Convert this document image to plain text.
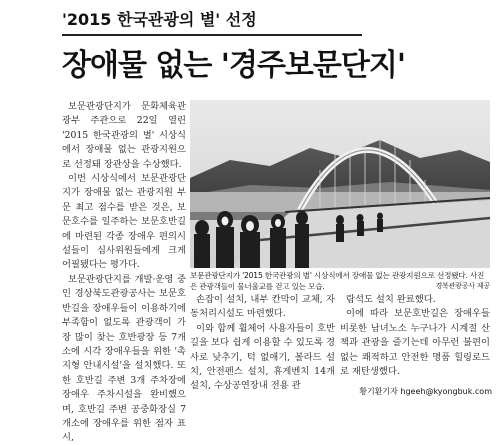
'2015 한국관광의 별' 선정
장애물 없는 '경주보문단지'

보문관광단지가 문화체육관광부 주관으로 22일 열린 '2015 한국관광의 별' 시상식에서 장애물 없는 관광지원으로 선정돼 장관상을 수상했다.

이번 시상식에서 보문관광단지가 장애물 없는 관광지원 부문 최고 점수를 받은 것은, 보문호수를 일주하는 보문호반길에 마련된 각종 장애우 편의시설들이 심사위원들에게 크게 어필됐다는 평가다.

보문관광단지를 개발·운영 중인 경상북도관광공사는 보문호반길을 장애우들이 이용하기에 부족함이 없도록 관광객이 가장 많이 찾는 호반광장 등 7개소에 시각 장애우들을 위한 '촉지형 안내시설'을 설치했다. 또한 호반길 주변 3개 주차장에 장애우 주차시설을 완비했으며, 호반길 주변 공중화장실 7개소에 장애우를 위한 점자 표시,

보문관광단지가 '2015 한국관광의 별' 시상식에서 장애물 없는 관광지원으로 선정됐다. 사진은 관광객들이 물너울교를 걷고 있는 모습.	경북관광공사 제공

손잡이 설치, 내부 칸막이 교체, 자동처리시설도 마련했다.

이와 함께 휠체어 사용자들이 호반길을 보다 쉽게 이용할 수 있도록 경사로 낮추기, 턱 없애기, 볼라드 설치, 안전펜스 설치, 휴게벤치 14개 설치, 수상공연장내 전용 관

람석도 설치 완료했다.

이에 따라 보문호반길은 장애우들 비롯한 남녀노소 누구나가 시계절 산책과 관광을 즐기는데 아무런 불편이 없는 쾌적하고 안전한 명품 힐링로드로 재탄생했다.

황기환기자 hgeeh@kyongbuk.com
